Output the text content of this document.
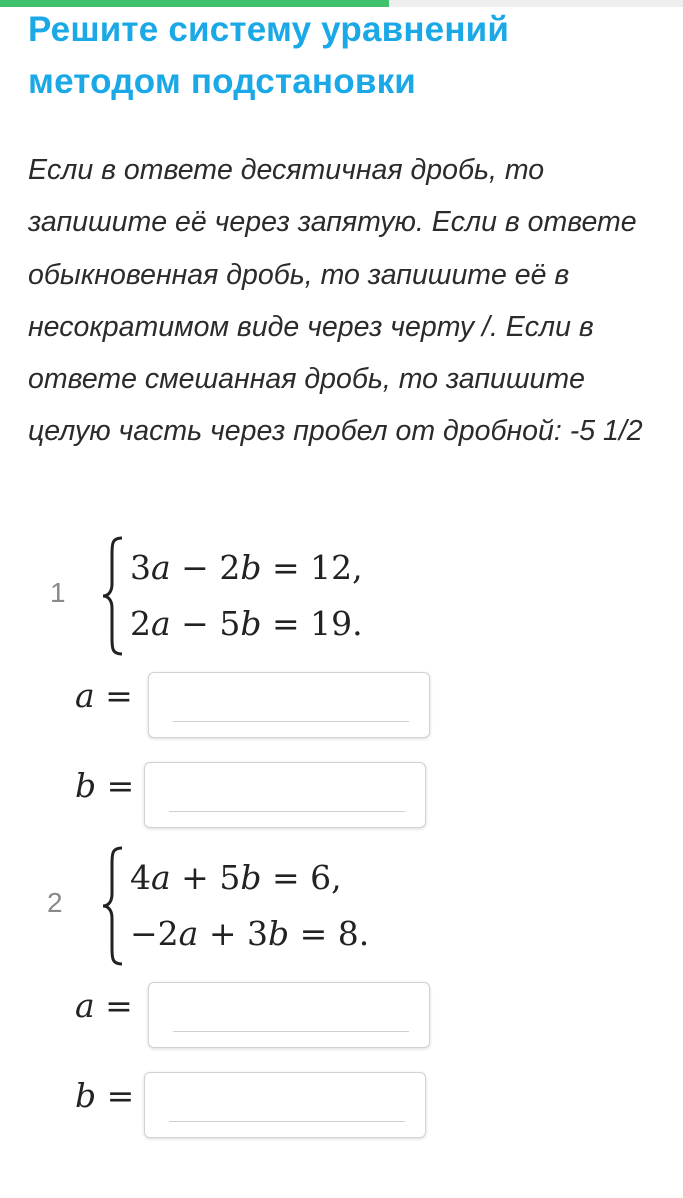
Решите систему уравнений методом подстановки
Если в ответе десятичная дробь, то запишите её через запятую. Если в ответе обыкновенная дробь, то запишите её в несократимом виде через черту /. Если в ответе смешанная дробь, то запишите целую часть через пробел от дробной: -5 1/2
1
3a − 2b = 12,
2a − 5b = 19.
a =
b =
2
4a + 5b = 6,
−2a + 3b = 8.
a =
b =
